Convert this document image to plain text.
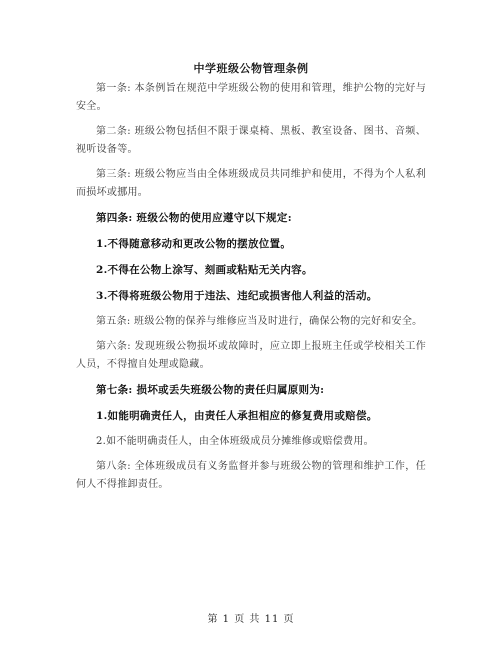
中学班级公物管理条例

第一条: 本条例旨在规范中学班级公物的使用和管理，维护公物的完好与安全。

第二条: 班级公物包括但不限于课桌椅、黑板、教室设备、图书、音频、视听设备等。

第三条: 班级公物应当由全体班级成员共同维护和使用，不得为个人私利而损坏或挪用。

第四条: 班级公物的使用应遵守以下规定:

1.不得随意移动和更改公物的摆放位置。

2.不得在公物上涂写、刻画或粘贴无关内容。

3.不得将班级公物用于违法、违纪或损害他人利益的活动。

第五条: 班级公物的保养与维修应当及时进行，确保公物的完好和安全。

第六条: 发现班级公物损坏或故障时，应立即上报班主任或学校相关工作人员，不得擅自处理或隐藏。

第七条: 损坏或丢失班级公物的责任归属原则为:

1.如能明确责任人，由责任人承担相应的修复费用或赔偿。

2.如不能明确责任人，由全体班级成员分摊维修或赔偿费用。

第八条: 全体班级成员有义务监督并参与班级公物的管理和维护工作，任何人不得推卸责任。

第 1 页 共 11 页
